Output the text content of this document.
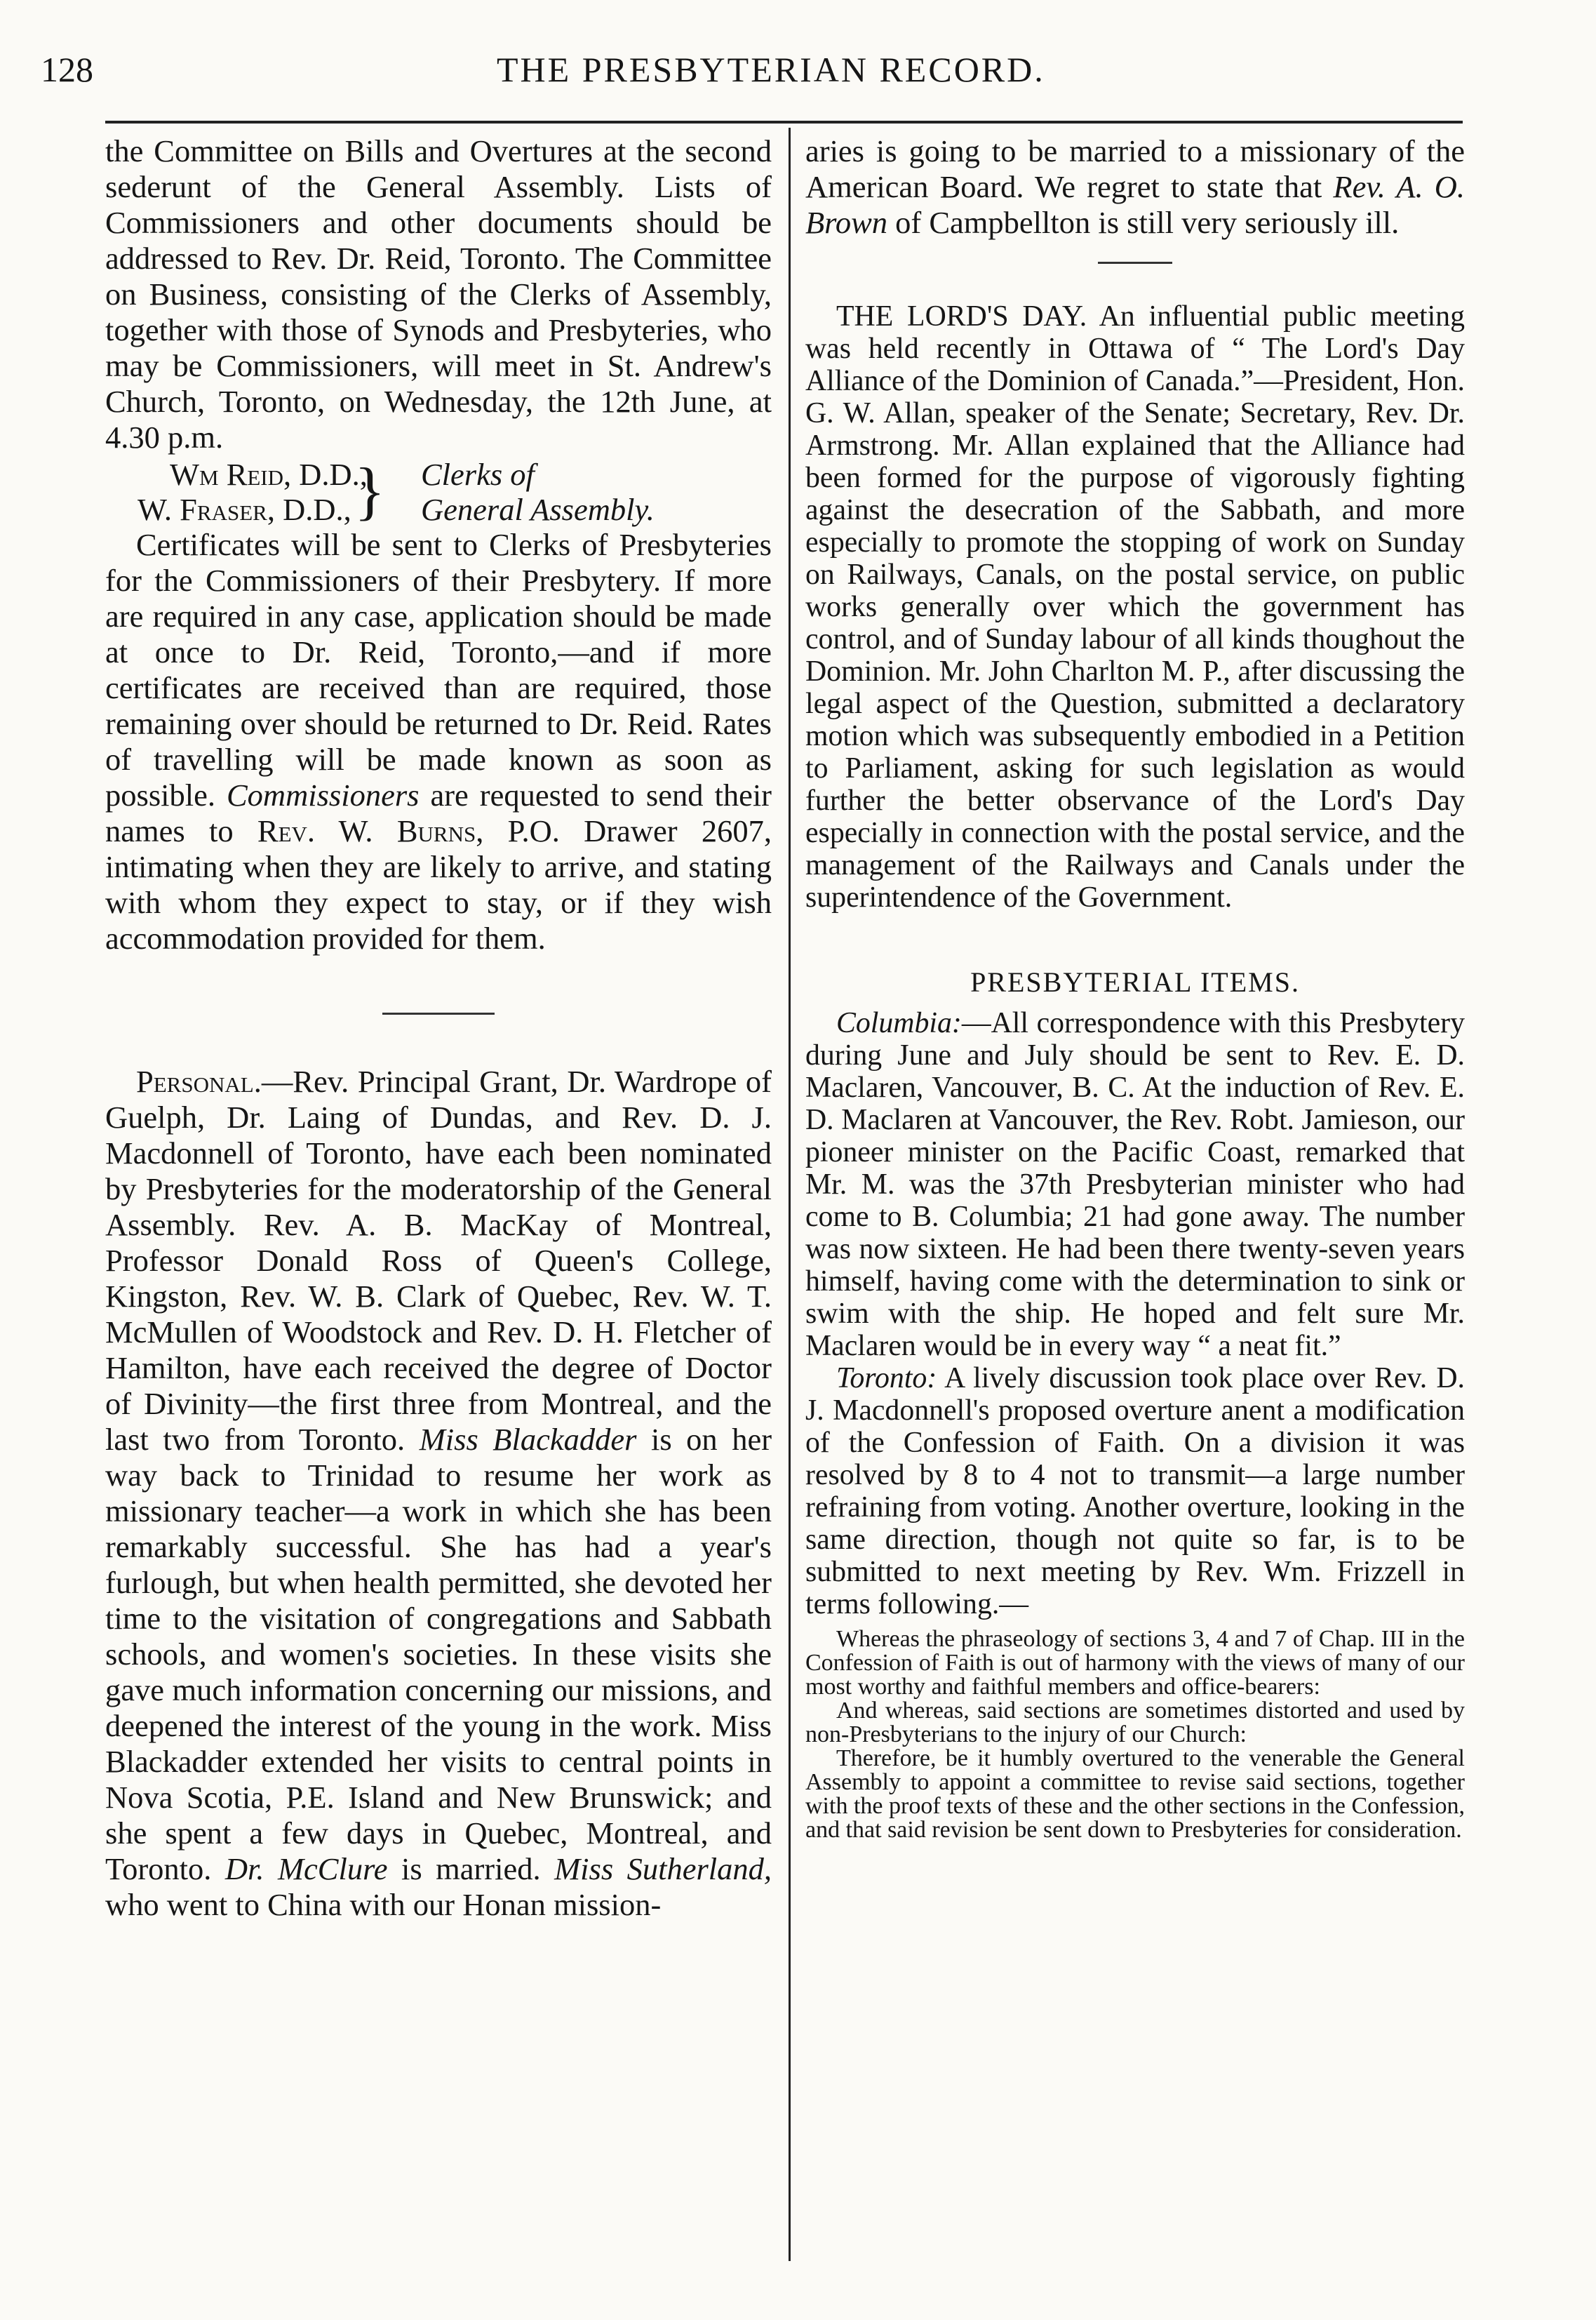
128	THE PRESBYTERIAN RECORD.

the Committee on Bills and Overtures at the second sederunt of the General Assembly. Lists of Commissioners and other documents should be addressed to Rev. Dr. Reid, Toronto. The Committee on Business, consisting of the Clerks of Assembly, together with those of Synods and Presbyteries, who may be Commissioners, will meet in St. Andrew's Church, Toronto, on Wednesday, the 12th June, at 4.30 p.m.

Wm Reid, D.D., Clerks of
W. Fraser, D.D., } General Assembly.

Certificates will be sent to Clerks of Presbyteries for the Commissioners of their Presbytery. If more are required in any case, application should be made at once to Dr. Reid, Toronto,—and if more certificates are received than are required, those remaining over should be returned to Dr. Reid. Rates of travelling will be made known as soon as possible. Commissioners are requested to send their names to Rev. W. Burns, P.O. Drawer 2607, intimating when they are likely to arrive, and stating with whom they expect to stay, or if they wish accommodation provided for them.

Personal.—Rev. Principal Grant, Dr. Wardrope of Guelph, Dr. Laing of Dundas, and Rev. D. J. Macdonnell of Toronto, have each been nominated by Presbyteries for the moderatorship of the General Assembly. Rev. A. B. MacKay of Montreal, Professor Donald Ross of Queen's College, Kingston, Rev. W. B. Clark of Quebec, Rev. W. T. McMullen of Woodstock and Rev. D. H. Fletcher of Hamilton, have each received the degree of Doctor of Divinity—the first three from Montreal, and the last two from Toronto. Miss Blackadder is on her way back to Trinidad to resume her work as missionary teacher—a work in which she has been remarkably successful. She has had a year's furlough, but when health permitted, she devoted her time to the visitation of congregations and Sabbath schools, and women's societies. In these visits she gave much information concerning our missions, and deepened the interest of the young in the work. Miss Blackadder extended her visits to central points in Nova Scotia, P.E. Island and New Brunswick; and she spent a few days in Quebec, Montreal, and Toronto. Dr. McClure is married. Miss Sutherland, who went to China with our Honan mission-

aries is going to be married to a missionary of the American Board. We regret to state that Rev. A. O. Brown of Campbellton is still very seriously ill.

THE LORD'S DAY. An influential public meeting was held recently in Ottawa of “ The Lord's Day Alliance of the Dominion of Canada.”—President, Hon. G. W. Allan, speaker of the Senate; Secretary, Rev. Dr. Armstrong. Mr. Allan explained that the Alliance had been formed for the purpose of vigorously fighting against the desecration of the Sabbath, and more especially to promote the stopping of work on Sunday on Railways, Canals, on the postal service, on public works generally over which the government has control, and of Sunday labour of all kinds thoughout the Dominion. Mr. John Charlton M. P., after discussing the legal aspect of the Question, submitted a declaratory motion which was subsequently embodied in a Petition to Parliament, asking for such legislation as would further the better observance of the Lord's Day especially in connection with the postal service, and the management of the Railways and Canals under the superintendence of the Government.

PRESBYTERIAL ITEMS.

Columbia:—All correspondence with this Presbytery during June and July should be sent to Rev. E. D. Maclaren, Vancouver, B. C. At the induction of Rev. E. D. Maclaren at Vancouver, the Rev. Robt. Jamieson, our pioneer minister on the Pacific Coast, remarked that Mr. M. was the 37th Presbyterian minister who had come to B. Columbia; 21 had gone away. The number was now sixteen. He had been there twenty-seven years himself, having come with the determination to sink or swim with the ship. He hoped and felt sure Mr. Maclaren would be in every way “ a neat fit.”

Toronto: A lively discussion took place over Rev. D. J. Macdonnell's proposed overture anent a modification of the Confession of Faith. On a division it was resolved by 8 to 4 not to transmit—a large number refraining from voting. Another overture, looking in the same direction, though not quite so far, is to be submitted to next meeting by Rev. Wm. Frizzell in terms following.—

Whereas the phraseology of sections 3, 4 and 7 of Chap. III in the Confession of Faith is out of harmony with the views of many of our most worthy and faithful members and office-bearers:

And whereas, said sections are sometimes distorted and used by non-Presbyterians to the injury of our Church:

Therefore, be it humbly overtured to the venerable the General Assembly to appoint a committee to revise said sections, together with the proof texts of these and the other sections in the Confession, and that said revision be sent down to Presbyteries for consideration.
